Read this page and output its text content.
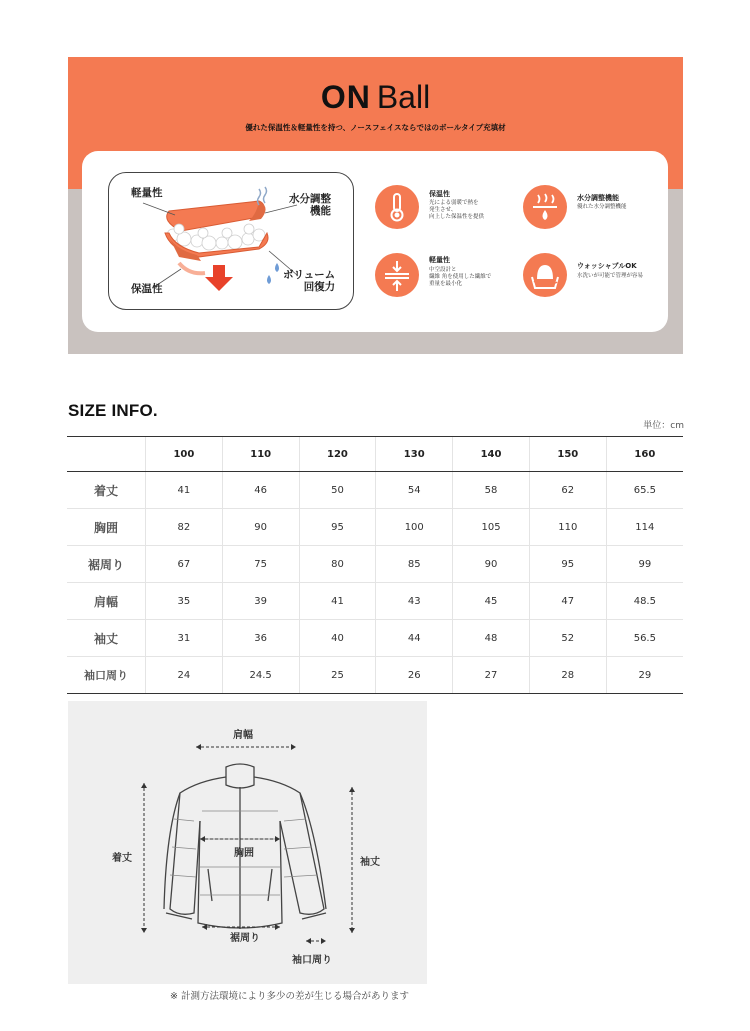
ON Ball
優れた保温性＆軽量性を持つ、ノースフェイスならではのボールタイプ充填材
軽量性	水分調整
機能
保温性
ボリューム
回復力
保温性
光による弱暖で熱を
発生させ、
向上した保温性を提供
水分調整機能
優れた水分調整機能
軽量性
中空設計と
繊維 角を使用した繊維で
重量を最小化
ウォッシャブルOK
水洗いが可能で管理が容易
SIZE INFO.
単位：cm
	100	110	120	130	140	150	160
着丈	41	46	50	54	58	62	65.5
胸囲	82	90	95	100	105	110	114
裾周り	67	75	80	85	90	95	99
肩幅	35	39	41	43	45	47	48.5
袖丈	31	36	40	44	48	52	56.5
袖口周り	24	24.5	25	26	27	28	29
肩幅
着丈	胸囲
袖丈
裾周り
袖口周り
※ 計測方法環境により多少の差が生じる場合があります
